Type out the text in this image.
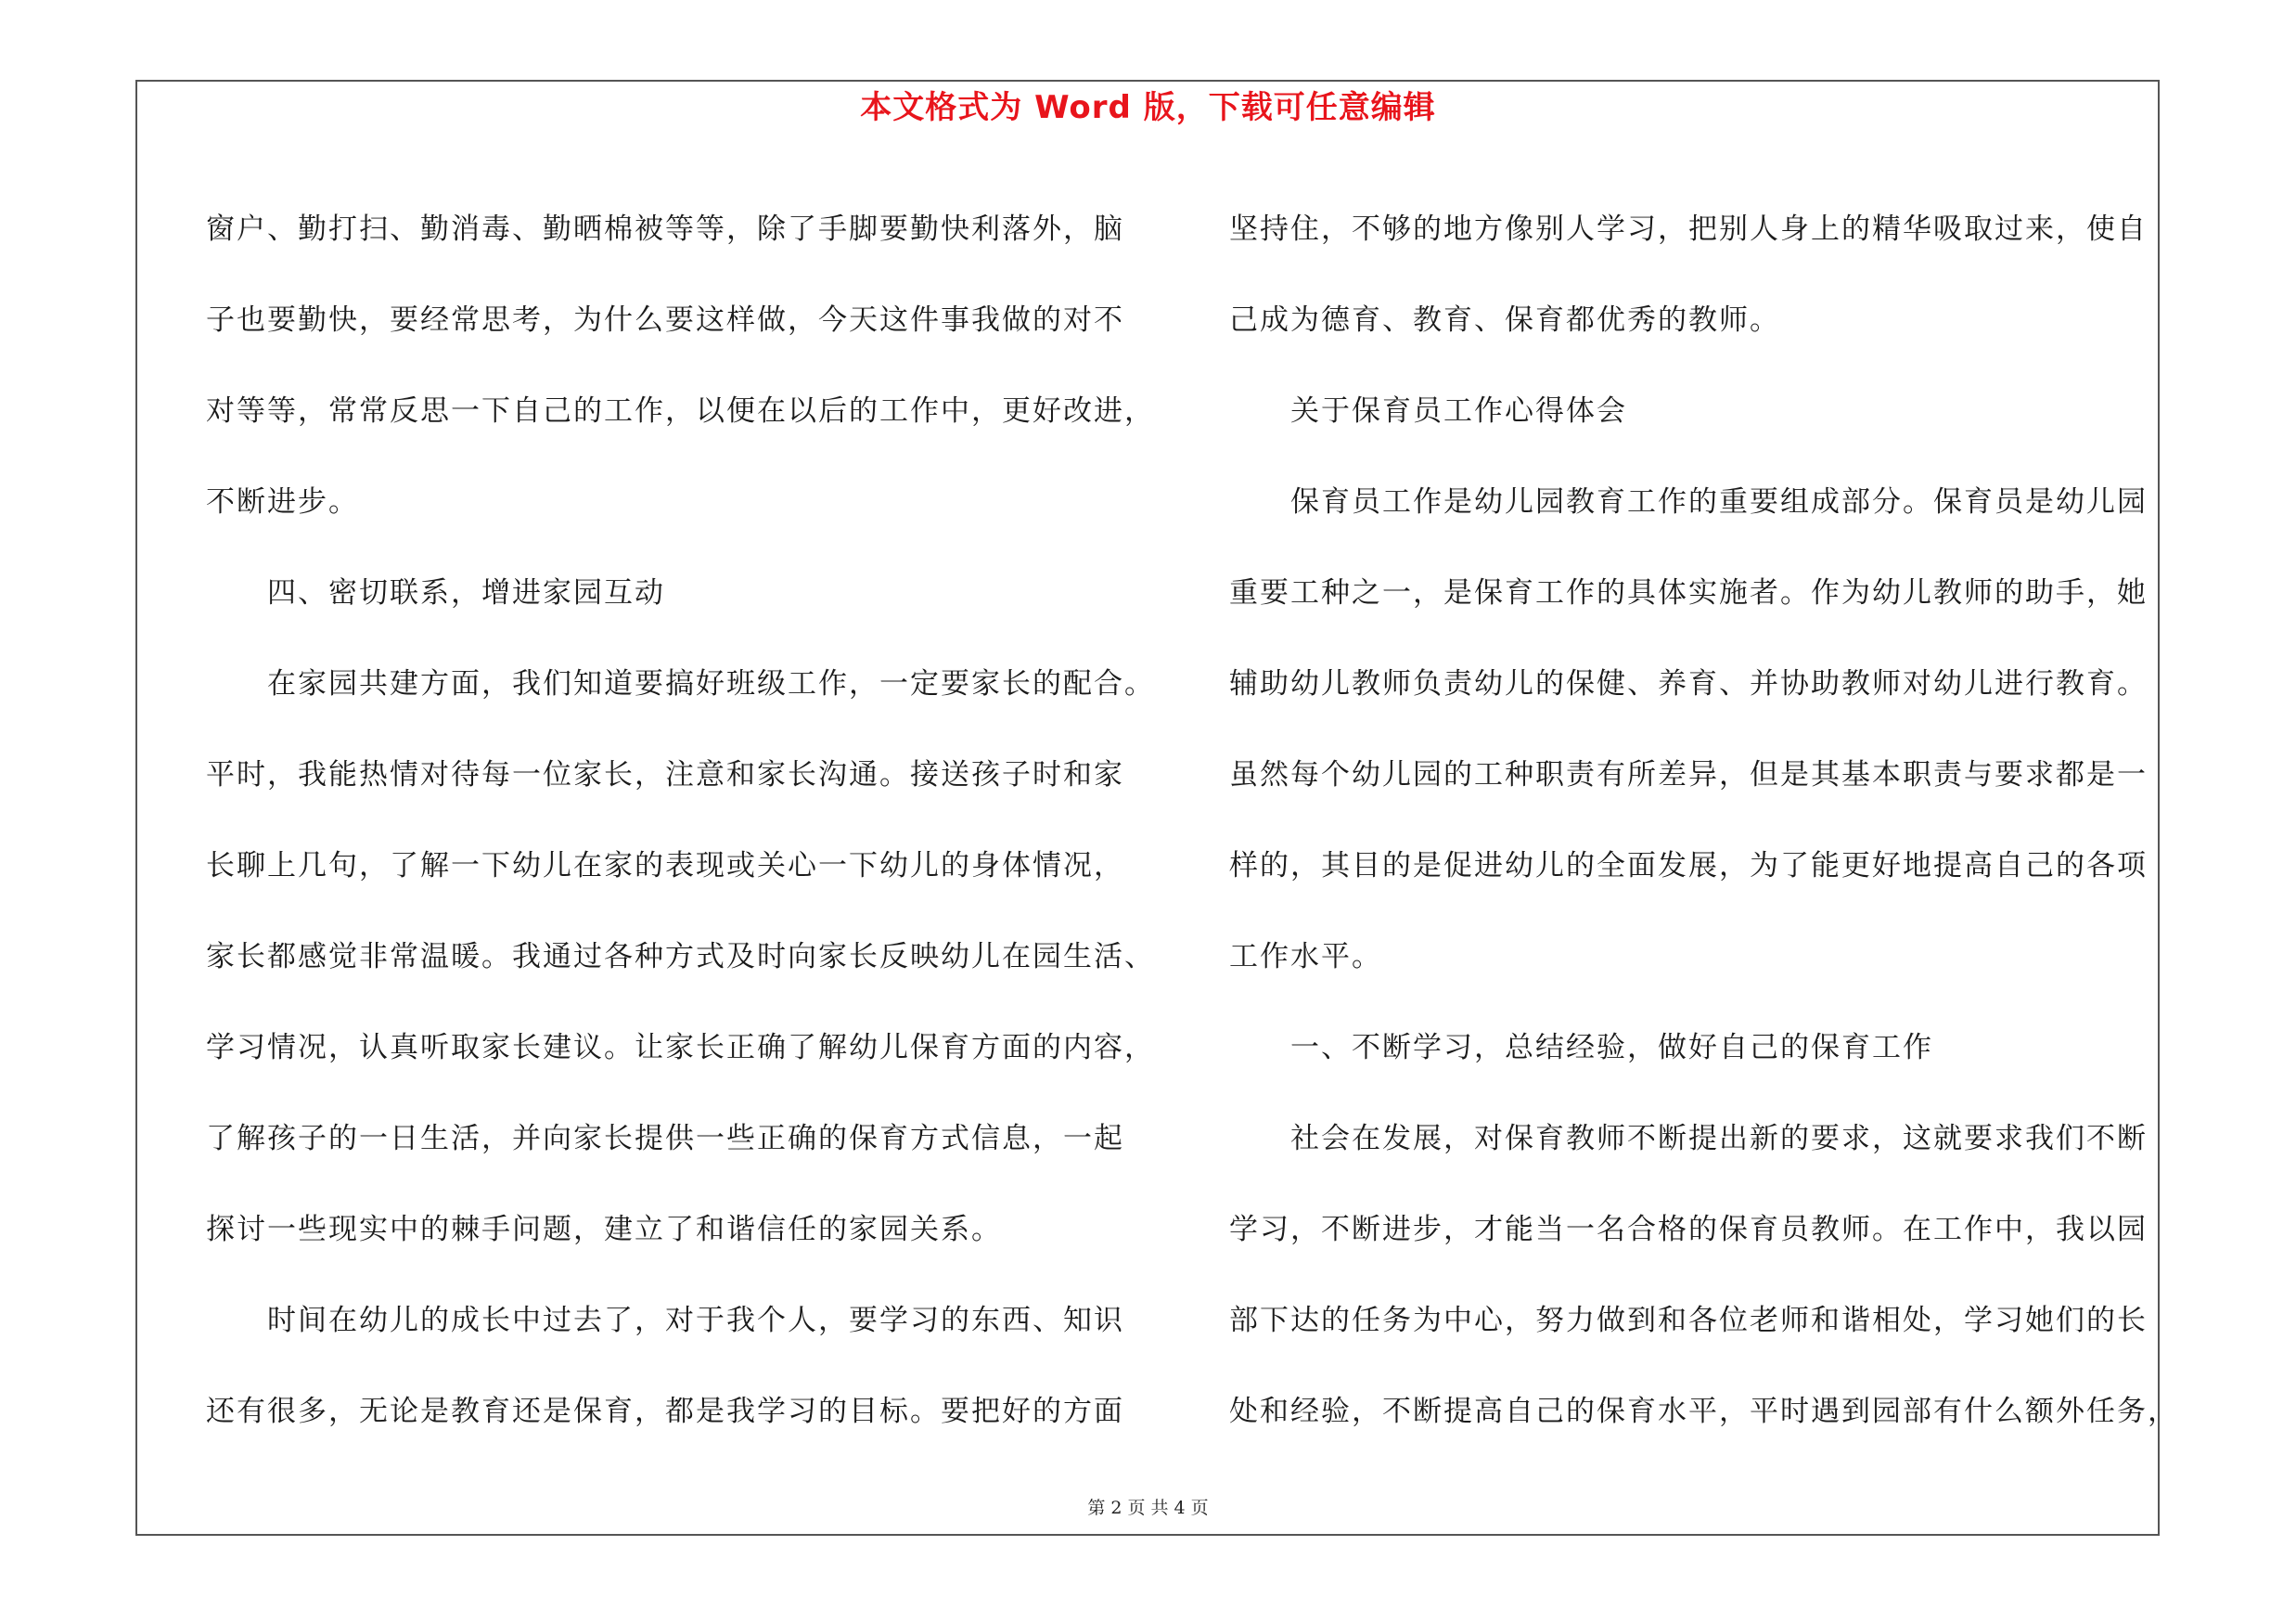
本文格式为 Word 版，下载可任意编辑
窗户、勤打扫、勤消毒、勤晒棉被等等，除了手脚要勤快利落外，脑
子也要勤快，要经常思考，为什么要这样做，今天这件事我做的对不
对等等，常常反思一下自己的工作，以便在以后的工作中，更好改进，
不断进步。
四、密切联系，增进家园互动
在家园共建方面，我们知道要搞好班级工作，一定要家长的配合。
平时，我能热情对待每一位家长，注意和家长沟通。接送孩子时和家
长聊上几句，了解一下幼儿在家的表现或关心一下幼儿的身体情况，
家长都感觉非常温暖。我通过各种方式及时向家长反映幼儿在园生活、
学习情况，认真听取家长建议。让家长正确了解幼儿保育方面的内容，
了解孩子的一日生活，并向家长提供一些正确的保育方式信息，一起
探讨一些现实中的棘手问题，建立了和谐信任的家园关系。
时间在幼儿的成长中过去了，对于我个人，要学习的东西、知识
还有很多，无论是教育还是保育，都是我学习的目标。要把好的方面
坚持住，不够的地方像别人学习，把别人身上的精华吸取过来，使自
己成为德育、教育、保育都优秀的教师。
关于保育员工作心得体会
保育员工作是幼儿园教育工作的重要组成部分。保育员是幼儿园
重要工种之一，是保育工作的具体实施者。作为幼儿教师的助手，她
辅助幼儿教师负责幼儿的保健、养育、并协助教师对幼儿进行教育。
虽然每个幼儿园的工种职责有所差异，但是其基本职责与要求都是一
样的，其目的是促进幼儿的全面发展，为了能更好地提高自己的各项
工作水平。
一、不断学习，总结经验，做好自己的保育工作
社会在发展，对保育教师不断提出新的要求，这就要求我们不断
学习，不断进步，才能当一名合格的保育员教师。在工作中，我以园
部下达的任务为中心，努力做到和各位老师和谐相处，学习她们的长
处和经验，不断提高自己的保育水平，平时遇到园部有什么额外任务，
第 2 页 共 4 页
